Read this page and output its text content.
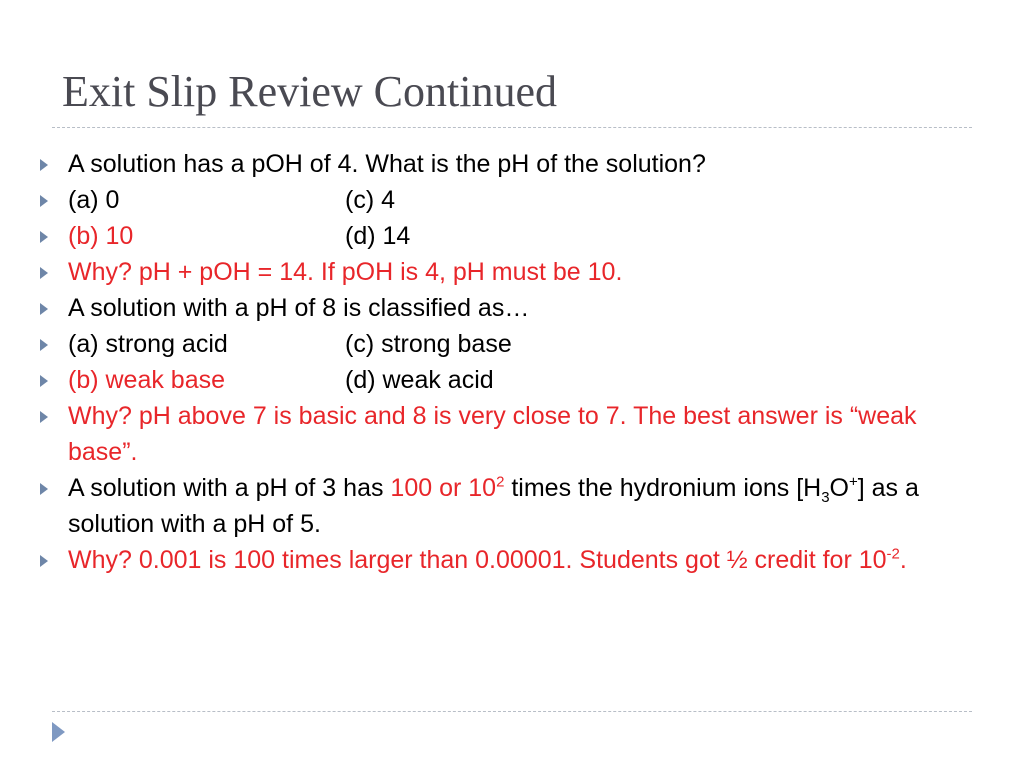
Exit Slip Review Continued
A solution has a pOH of 4. What is the pH of the solution?
(a) 0	(c) 4
(b) 10	(d) 14
Why? pH + pOH = 14. If pOH is 4, pH must be 10.
A solution with a pH of 8 is classified as…
(a) strong acid	(c) strong base
(b) weak base	(d) weak acid
Why? pH above 7 is basic and 8 is very close to 7. The best answer is “weak base”.
A solution with a pH of 3 has 100 or $10^2$ times the hydronium ions $[H_3O^+]$ as a solution with a pH of 5.
Why? 0.001 is 100 times larger than 0.00001. Students got ½ credit for $10^{-2}$.
